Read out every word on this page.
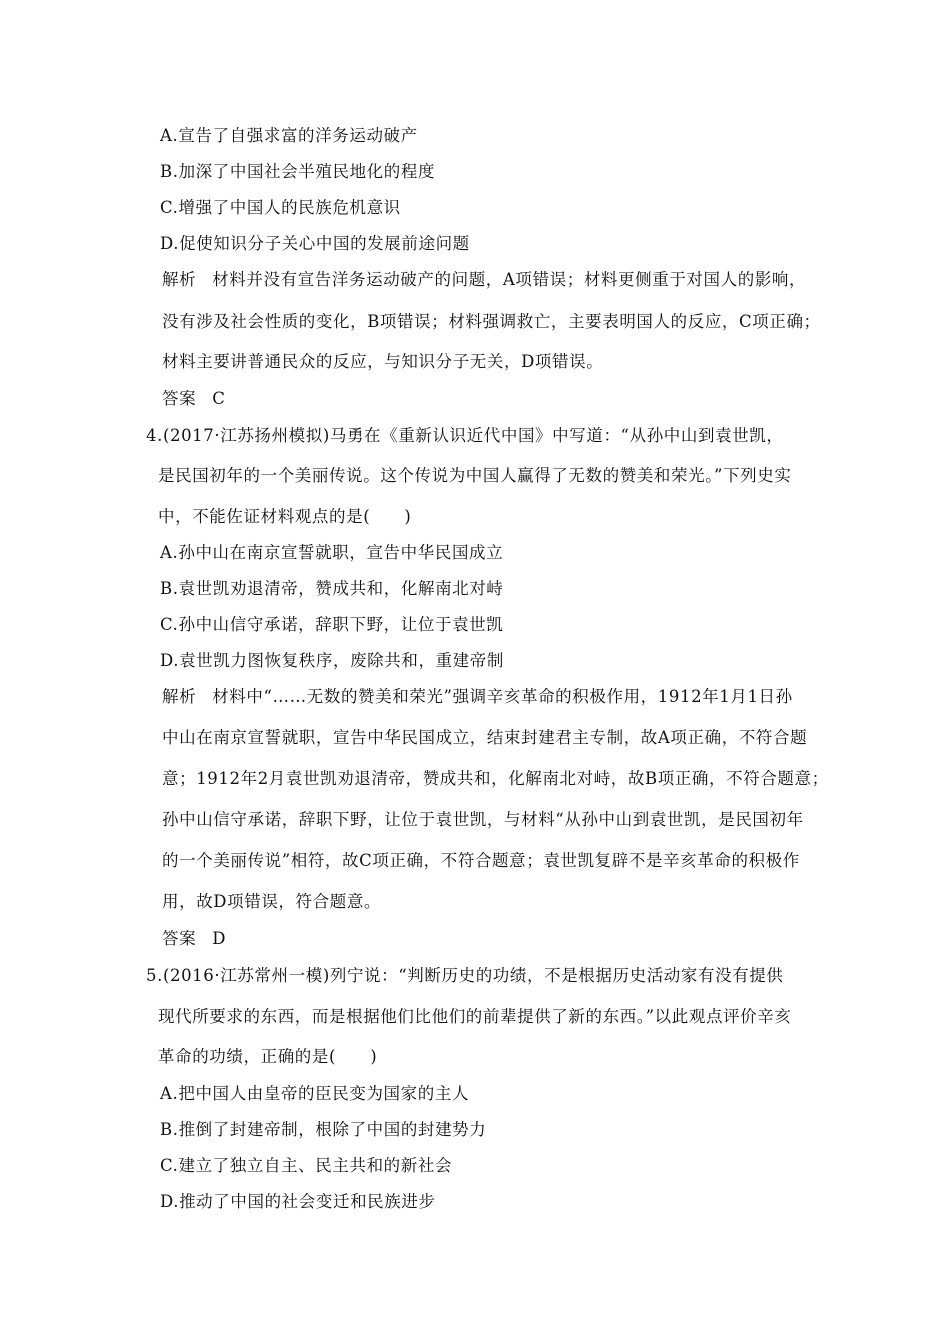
A.宣告了自强求富的洋务运动破产
B.加深了中国社会半殖民地化的程度
C.增强了中国人的民族危机意识
D.促使知识分子关心中国的发展前途问题
解析 材料并没有宣告洋务运动破产的问题，A项错误；材料更侧重于对国人的影响，
没有涉及社会性质的变化，B项错误；材料强调救亡，主要表明国人的反应，C项正确；
材料主要讲普通民众的反应，与知识分子无关，D项错误。
答案 C
4.(2017·江苏扬州模拟)马勇在《重新认识近代中国》中写道：“从孙中山到袁世凯，
是民国初年的一个美丽传说。这个传说为中国人赢得了无数的赞美和荣光。”下列史实
中，不能佐证材料观点的是(　　)
A.孙中山在南京宣誓就职，宣告中华民国成立
B.袁世凯劝退清帝，赞成共和，化解南北对峙
C.孙中山信守承诺，辞职下野，让位于袁世凯
D.袁世凯力图恢复秩序，废除共和，重建帝制
解析 材料中“……无数的赞美和荣光”强调辛亥革命的积极作用，1912年1月1日孙
中山在南京宣誓就职，宣告中华民国成立，结束封建君主专制，故A项正确，不符合题
意；1912年2月袁世凯劝退清帝，赞成共和，化解南北对峙，故B项正确，不符合题意；
孙中山信守承诺，辞职下野，让位于袁世凯，与材料“从孙中山到袁世凯，是民国初年
的一个美丽传说”相符，故C项正确，不符合题意；袁世凯复辟不是辛亥革命的积极作
用，故D项错误，符合题意。
答案 D
5.(2016·江苏常州一模)列宁说：“判断历史的功绩，不是根据历史活动家有没有提供
现代所要求的东西，而是根据他们比他们的前辈提供了新的东西。”以此观点评价辛亥
革命的功绩，正确的是(　　)
A.把中国人由皇帝的臣民变为国家的主人
B.推倒了封建帝制，根除了中国的封建势力
C.建立了独立自主、民主共和的新社会
D.推动了中国的社会变迁和民族进步
